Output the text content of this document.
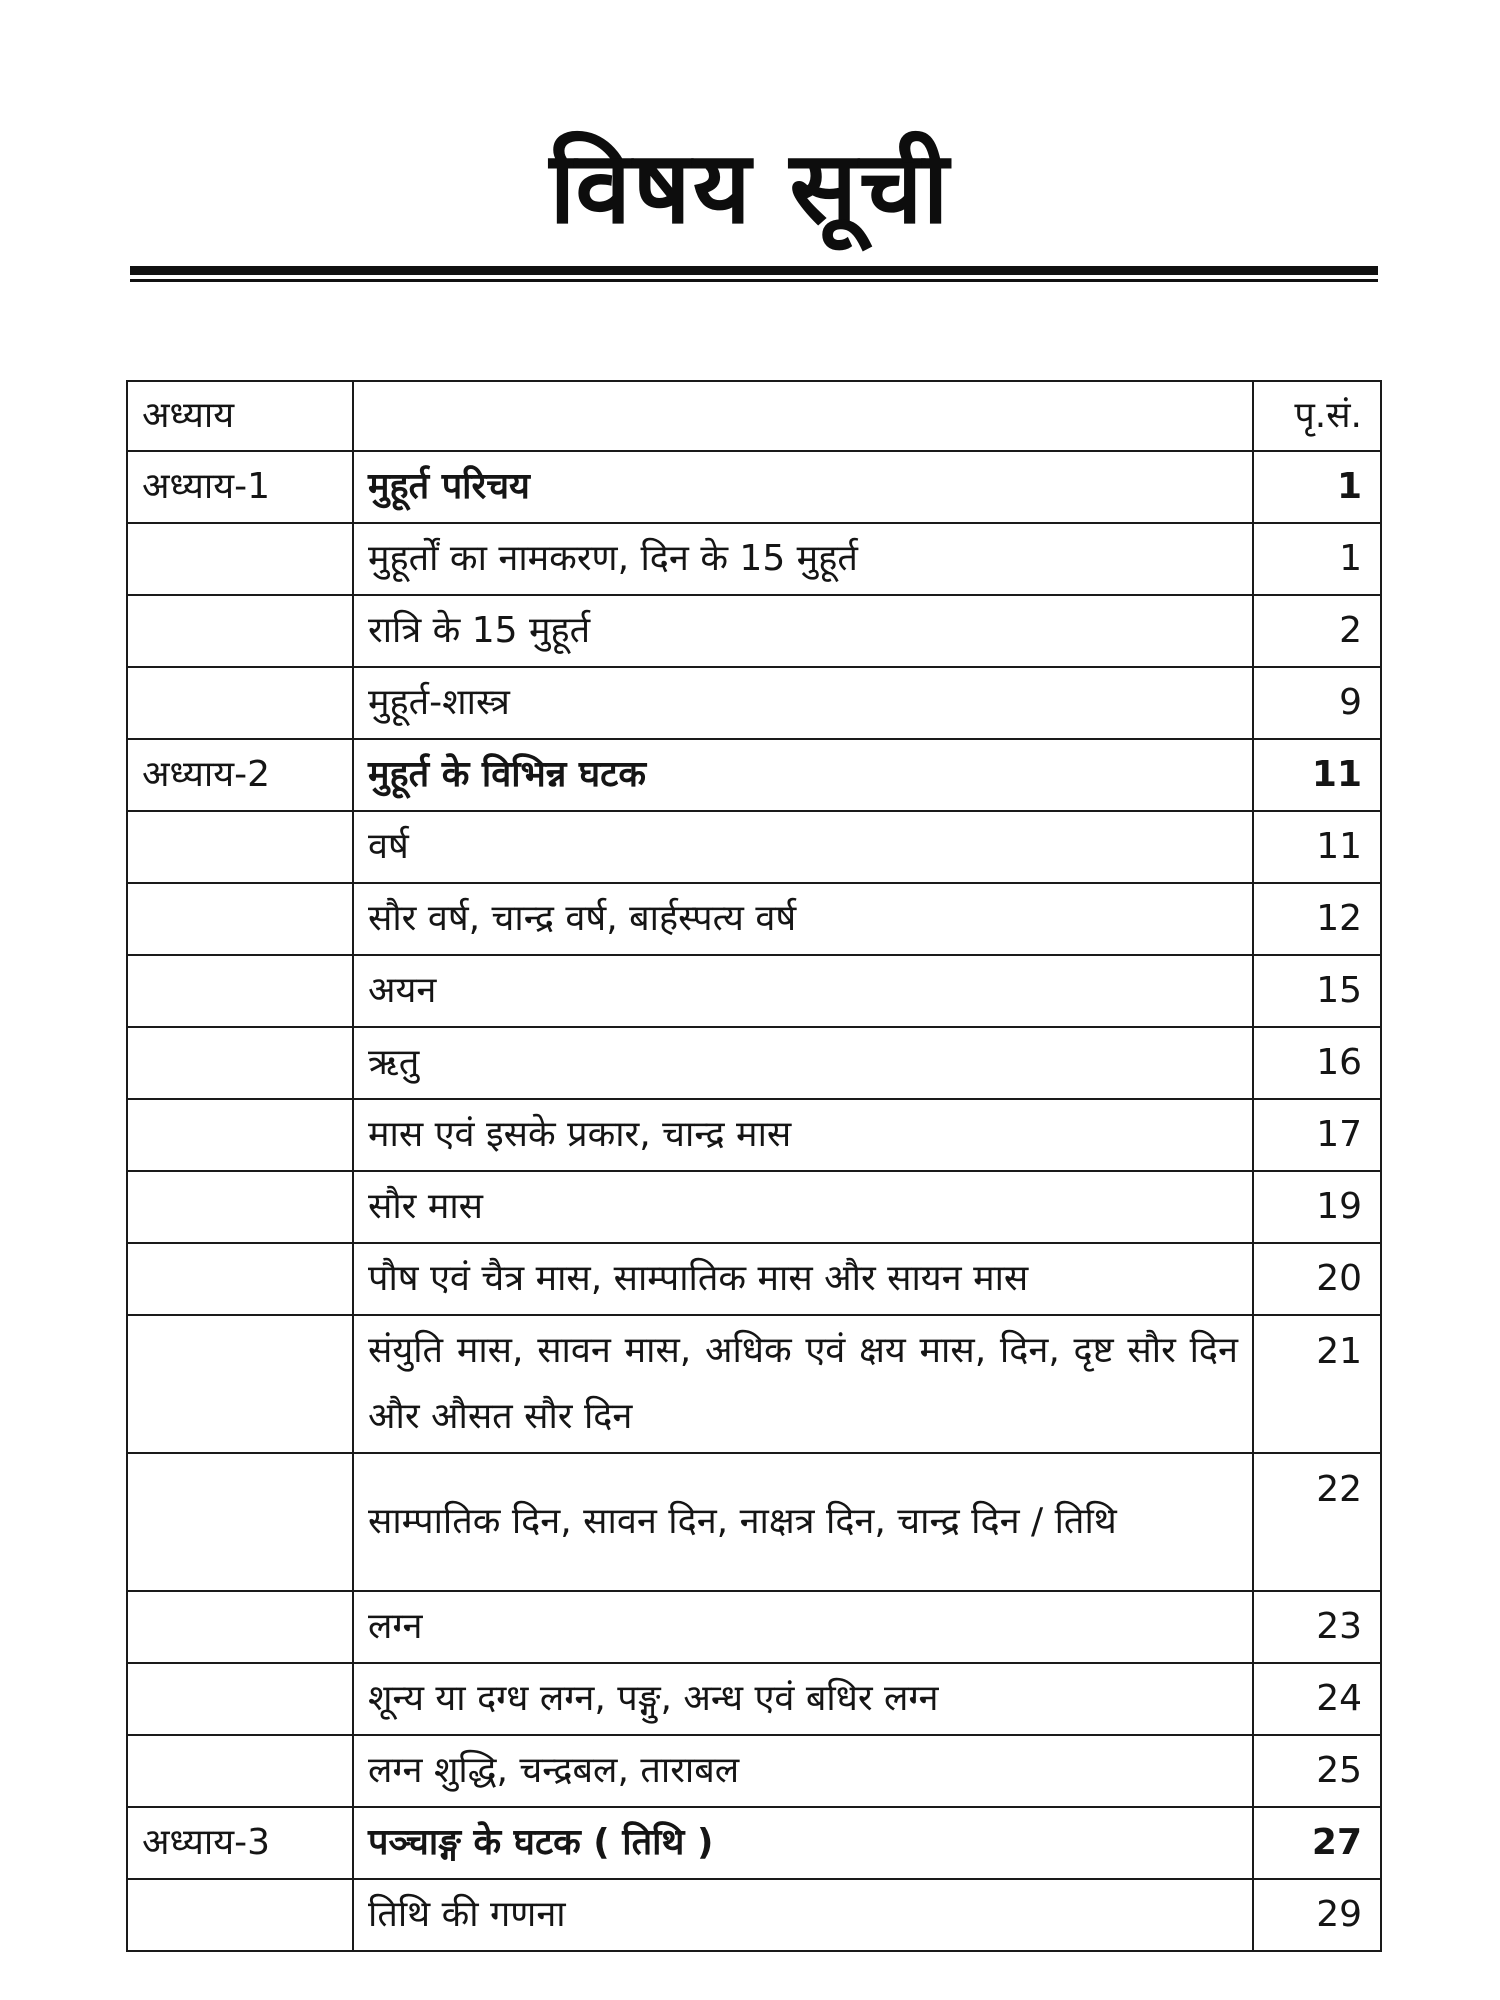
विषय सूची
अध्याय		पृ.सं.
अध्याय-1	मुहूर्त परिचय	1
	मुहूर्तों का नामकरण, दिन के 15 मुहूर्त	1
	रात्रि के 15 मुहूर्त	2
	मुहूर्त-शास्त्र	9
अध्याय-2	मुहूर्त के विभिन्न घटक	11
	वर्ष	11
	सौर वर्ष, चान्द्र वर्ष, बार्हस्पत्य वर्ष	12
	अयन	15
	ऋतु	16
	मास एवं इसके प्रकार, चान्द्र मास	17
	सौर मास	19
	पौष एवं चैत्र मास, साम्पातिक मास और सायन मास	20
	संयुति मास, सावन मास, अधिक एवं क्षय मास, दिन, दृष्ट सौर दिन और औसत सौर दिन	21
	साम्पातिक दिन, सावन दिन, नाक्षत्र दिन, चान्द्र दिन / तिथि	22
	लग्न	23
	शून्य या दग्ध लग्न, पङ्गु, अन्ध एवं बधिर लग्न	24
	लग्न शुद्धि, चन्द्रबल, ताराबल	25
अध्याय-3	पञ्चाङ्ग के घटक ( तिथि )	27
	तिथि की गणना	29
